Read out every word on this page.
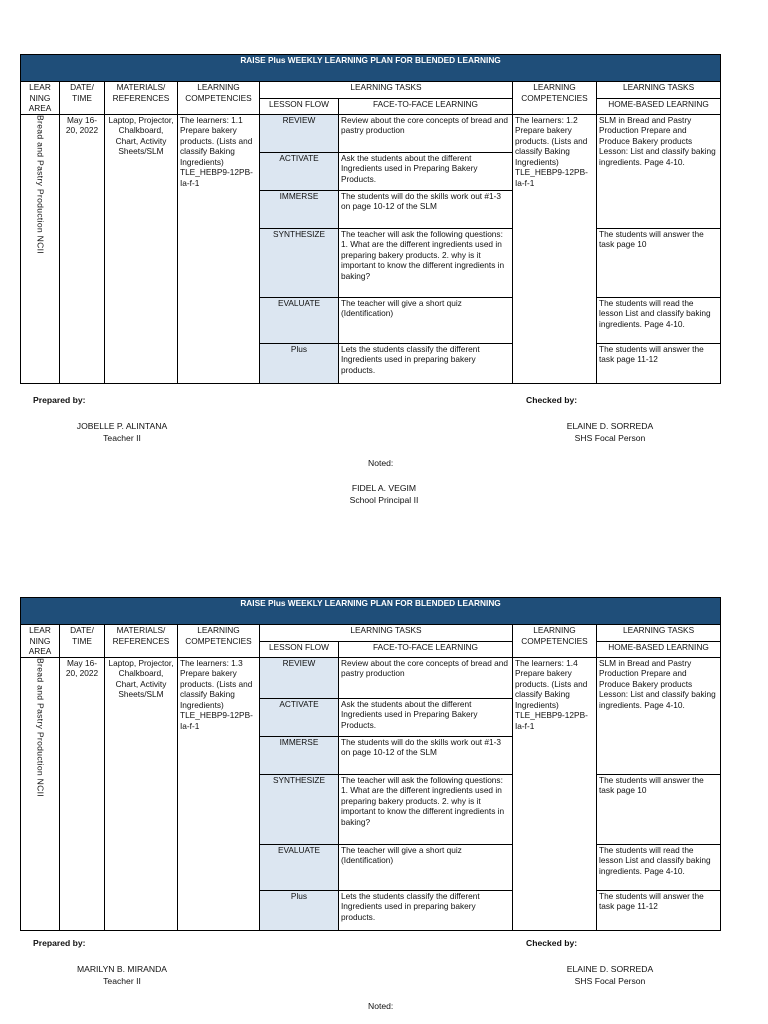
RAISE Plus WEEKLY LEARNING PLAN FOR BLENDED LEARNING							
LEAR NING AREA	DATE/ TIME	MATERIALS/ REFERENCES	LEARNING COMPETENCIES	LEARNING TASKS		LEARNING COMPETENCIES	LEARNING TASKS
				LESSON FLOW	FACE-TO-FACE LEARNING		HOME-BASED LEARNING

Bread and Pastry Production NCII	May 16-20, 2022	Laptop, Projector, Chalkboard, Chart, Activity Sheets/SLM	The learners: 1.1 Prepare bakery products. (Lists and classify Baking Ingredients) TLE_HEBP9-12PB-Ia-f-1	REVIEW	Review about the core concepts of bread and pastry production	The learners: 1.2 Prepare bakery products. (Lists and classify Baking Ingredients) TLE_HEBP9-12PB-Ia-f-1	SLM in Bread and Pastry Production Prepare and Produce Bakery products Lesson: List and classify baking ingredients. Page 4-10.
				ACTIVATE	Ask the students about the different Ingredients used in Preparing Bakery Products.		
				IMMERSE	The students will do the skills work out #1-3 on page 10-12 of the SLM		
				SYNTHESIZE	The teacher will ask the following questions: 1. What are the different ingredients used in preparing bakery products. 2. why is it important to know the different ingredients in baking?		The students will answer the task page 10
				EVALUATE	The teacher will give a short quiz (Identification)		The students will read the lesson List and classify baking ingredients. Page 4-10.
				Plus	Lets the students classify the different Ingredients used in preparing bakery products.		The students will answer the task page 11-12
Prepared by:	Checked by:
JOBELLE P. ALINTANA
Teacher II
ELAINE D. SORREDA
SHS Focal Person
Noted:
FIDEL A. VEGIM
School Principal II
RAISE Plus WEEKLY LEARNING PLAN FOR BLENDED LEARNING							
LEAR NING AREA	DATE/ TIME	MATERIALS/ REFERENCES	LEARNING COMPETENCIES	LEARNING TASKS		LEARNING COMPETENCIES	LEARNING TASKS
				LESSON FLOW	FACE-TO-FACE LEARNING		HOME-BASED LEARNING

Bread and Pastry Production NCII	May 16-20, 2022	Laptop, Projector, Chalkboard, Chart, Activity Sheets/SLM	The learners: 1.3 Prepare bakery products. (Lists and classify Baking Ingredients) TLE_HEBP9-12PB-Ia-f-1	REVIEW	Review about the core concepts of bread and pastry production	The learners: 1.4 Prepare bakery products. (Lists and classify Baking Ingredients) TLE_HEBP9-12PB-Ia-f-1	SLM in Bread and Pastry Production Prepare and Produce Bakery products Lesson: List and classify baking ingredients. Page 4-10.
				ACTIVATE	Ask the students about the different Ingredients used in Preparing Bakery Products.		
				IMMERSE	The students will do the skills work out #1-3 on page 10-12 of the SLM		
				SYNTHESIZE	The teacher will ask the following questions: 1. What are the different ingredients used in preparing bakery products. 2. why is it important to know the different ingredients in baking?		The students will answer the task page 10
				EVALUATE	The teacher will give a short quiz (Identification)		The students will read the lesson List and classify baking ingredients. Page 4-10.
				Plus	Lets the students classify the different Ingredients used in preparing bakery products.		The students will answer the task page 11-12
Prepared by:	Checked by:
MARILYN B. MIRANDA
Teacher II
ELAINE D. SORREDA
SHS Focal Person
Noted:
